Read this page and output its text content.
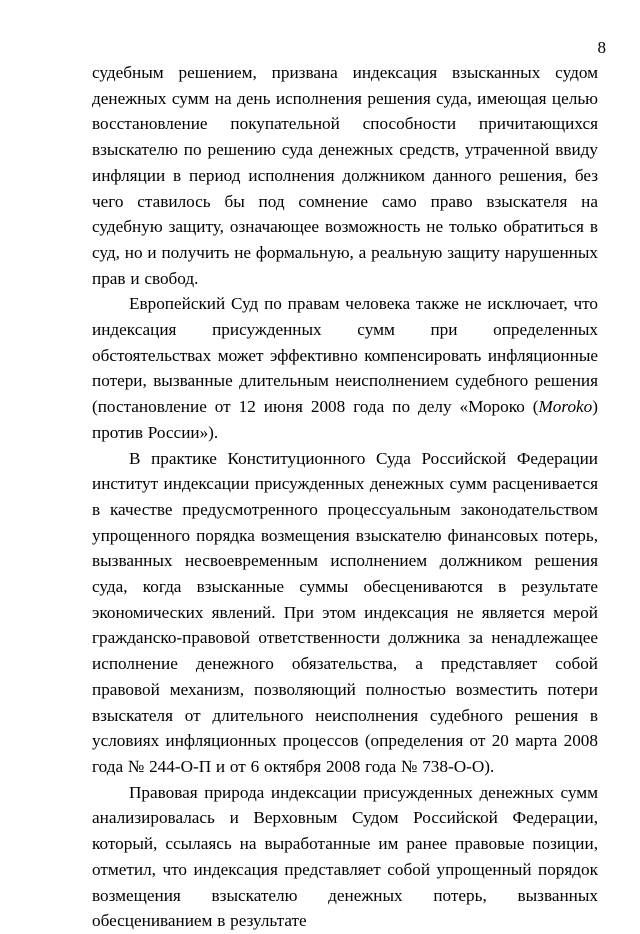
8

судебным решением, призвана индексация взысканных судом денежных сумм на день исполнения решения суда, имеющая целью восстановление покупательной способности причитающихся взыскателю по решению суда денежных средств, утраченной ввиду инфляции в период исполнения должником данного решения, без чего ставилось бы под сомнение само право взыскателя на судебную защиту, означающее возможность не только обратиться в суд, но и получить не формальную, а реальную защиту нарушенных прав и свобод.

Европейский Суд по правам человека также не исключает, что индексация присужденных сумм при определенных обстоятельствах может эффективно компенсировать инфляционные потери, вызванные длительным неисполнением судебного решения (постановление от 12 июня 2008 года по делу «Мороко (Moroko) против России»).

В практике Конституционного Суда Российской Федерации институт индексации присужденных денежных сумм расценивается в качестве предусмотренного процессуальным законодательством упрощенного порядка возмещения взыскателю финансовых потерь, вызванных несвоевременным исполнением должником решения суда, когда взысканные суммы обесцениваются в результате экономических явлений. При этом индексация не является мерой гражданско-правовой ответственности должника за ненадлежащее исполнение денежного обязательства, а представляет собой правовой механизм, позволяющий полностью возместить потери взыскателя от длительного неисполнения судебного решения в условиях инфляционных процессов (определения от 20 марта 2008 года № 244-О-П и от 6 октября 2008 года № 738-О-О).

Правовая природа индексации присужденных денежных сумм анализировалась и Верховным Судом Российской Федерации, который, ссылаясь на выработанные им ранее правовые позиции, отметил, что индексация представляет собой упрощенный порядок возмещения взыскателю денежных потерь, вызванных обесцениванием в результате
